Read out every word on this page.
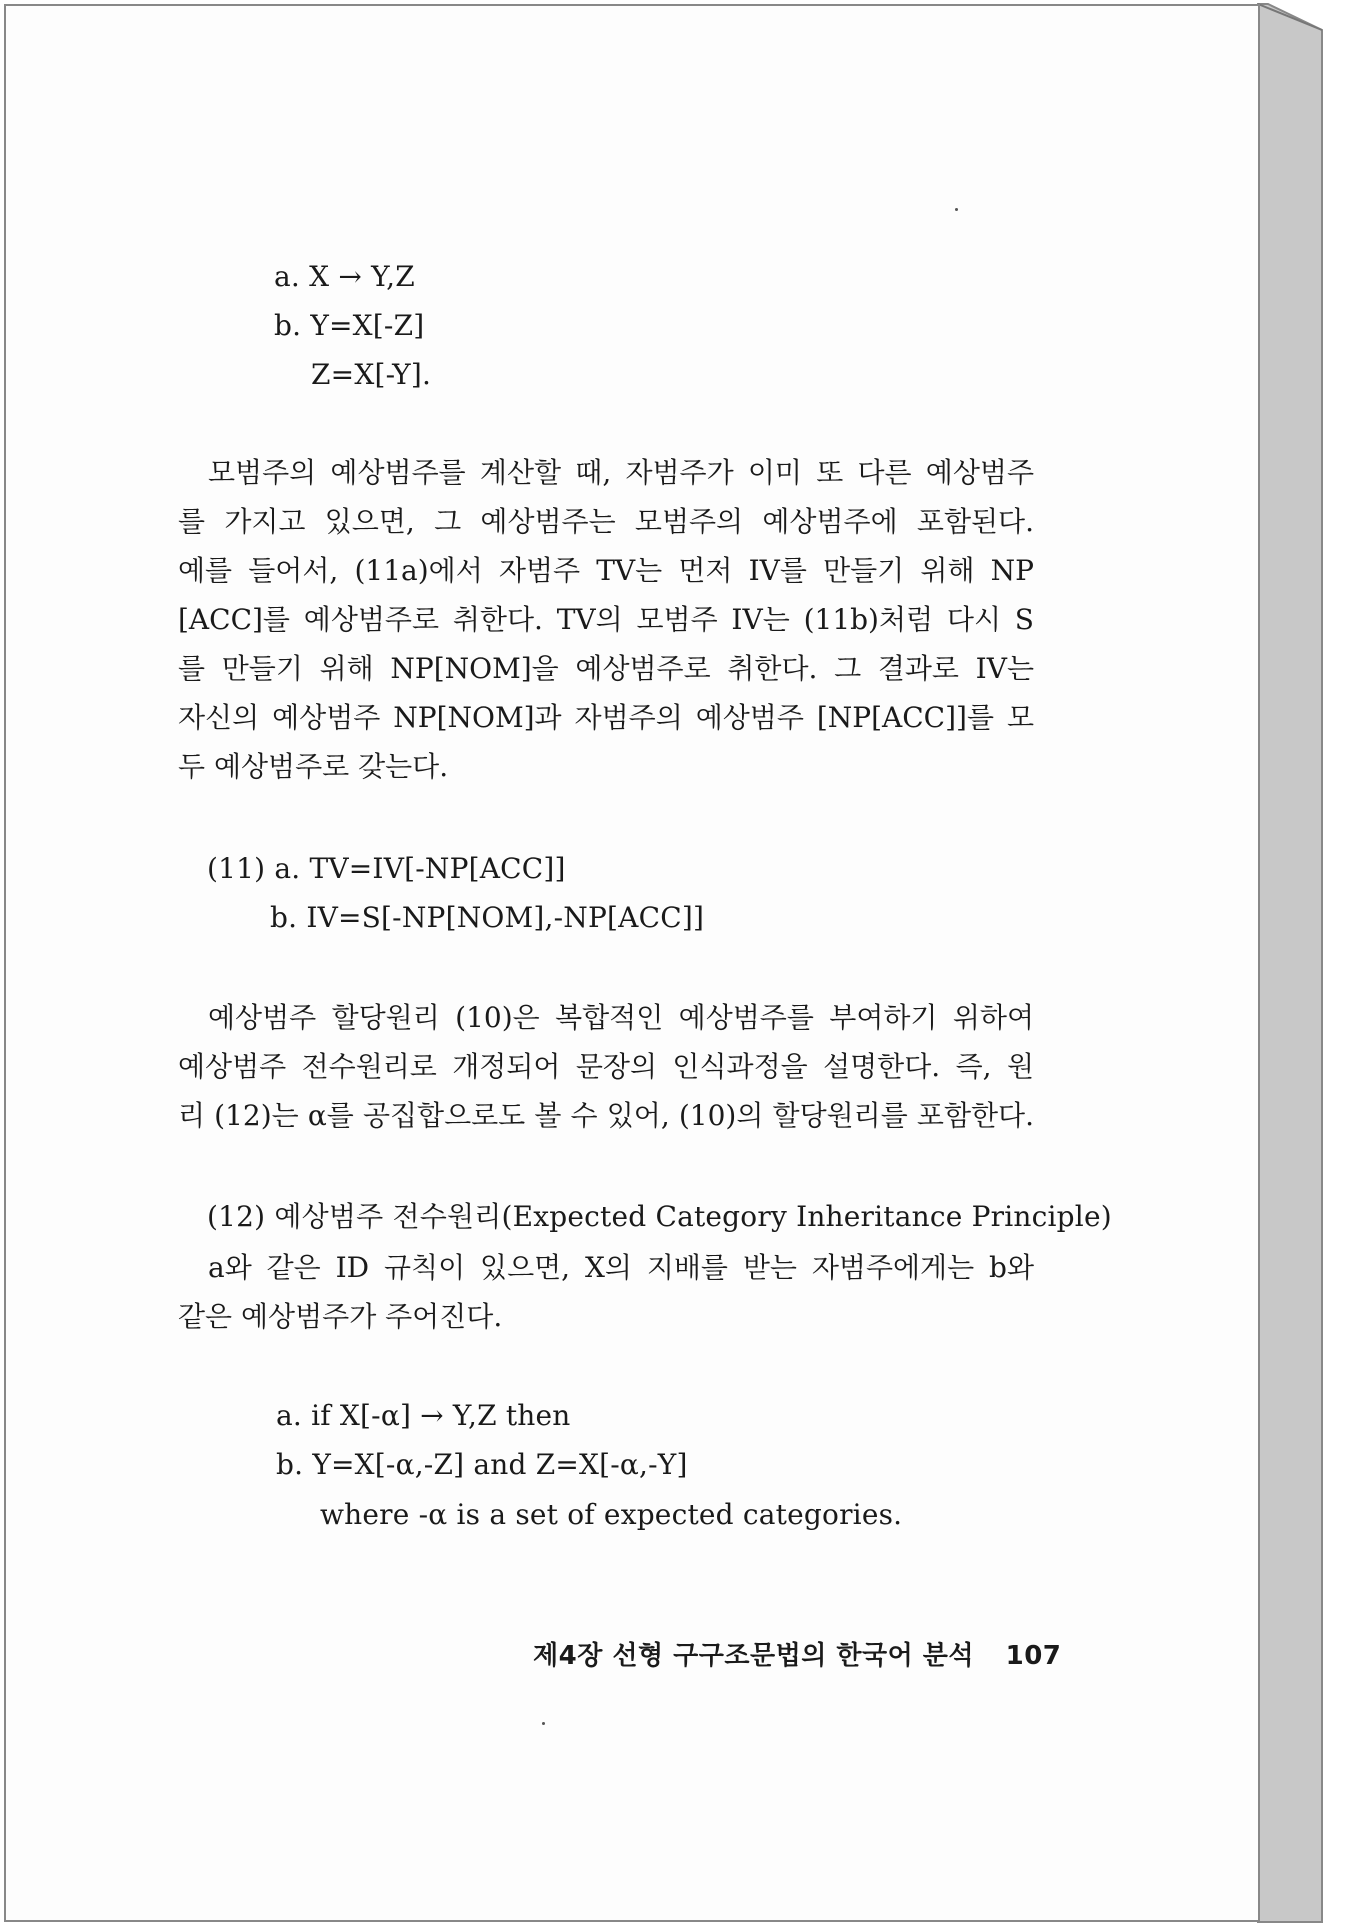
a. X → Y,Z
b. Y=X[-Z]
Z=X[-Y].
모범주의 예상범주를 계산할 때, 자범주가 이미 또 다른 예상범주
를 가지고 있으면, 그 예상범주는 모범주의 예상범주에 포함된다.
예를 들어서, (11a)에서 자범주 TV는 먼저 IV를 만들기 위해 NP
[ACC]를 예상범주로 취한다. TV의 모범주 IV는 (11b)처럼 다시 S
를 만들기 위해 NP[NOM]을 예상범주로 취한다. 그 결과로 IV는
자신의 예상범주 NP[NOM]과 자범주의 예상범주 [NP[ACC]]를 모
두 예상범주로 갖는다.
(11) a. TV=IV[-NP[ACC]]
b. IV=S[-NP[NOM],-NP[ACC]]
예상범주 할당원리 (10)은 복합적인 예상범주를 부여하기 위하여
예상범주 전수원리로 개정되어 문장의 인식과정을 설명한다. 즉, 원
리 (12)는 α를 공집합으로도 볼 수 있어, (10)의 할당원리를 포함한다.
(12) 예상범주 전수원리(Expected Category Inheritance Principle)
a와 같은 ID 규칙이 있으면, X의 지배를 받는 자범주에게는 b와
같은 예상범주가 주어진다.
a. if X[-α] → Y,Z then
b. Y=X[-α,-Z] and Z=X[-α,-Y]
where -α is a set of expected categories.
제4장 선형 구구조문법의 한국어 분석 107
